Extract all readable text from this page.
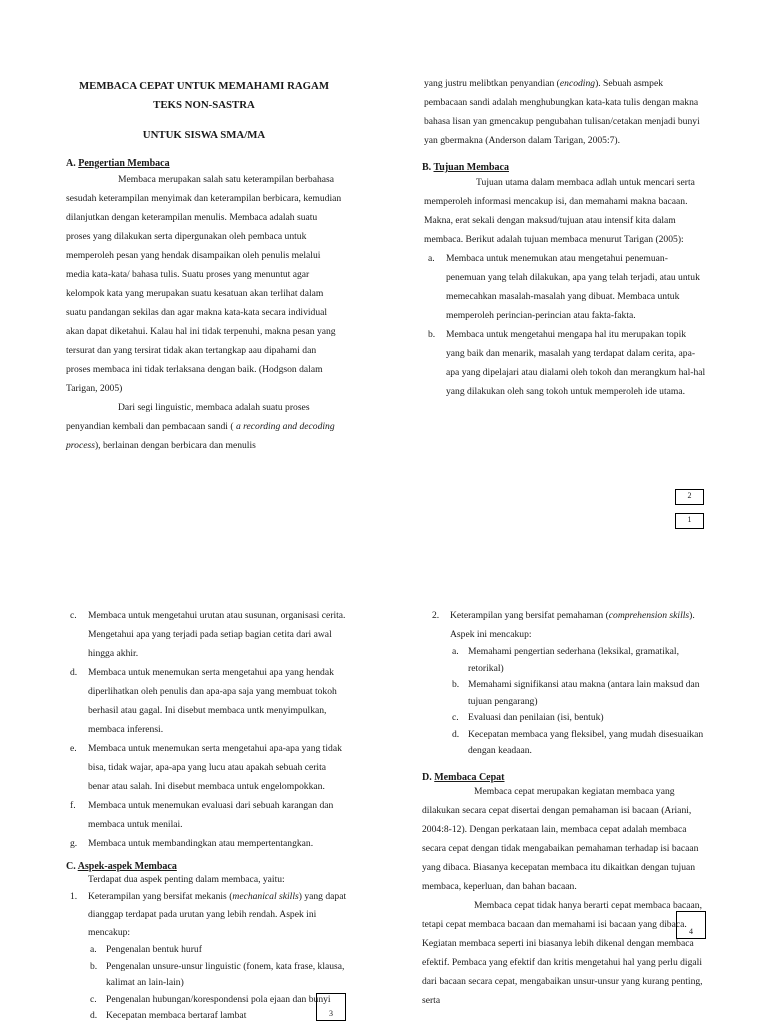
MEMBACA CEPAT UNTUK MEMAHAMI RAGAM
TEKS NON-SASTRA
UNTUK SISWA SMA/MA
A. Pengertian Membaca

Membaca merupakan salah satu keterampilan berbahasa sesudah keterampilan menyimak dan keterampilan berbicara, kemudian dilanjutkan dengan keterampilan menulis. Membaca adalah suatu proses yang dilakukan serta dipergunakan oleh pembaca untuk memperoleh pesan yang hendak disampaikan oleh penulis melalui media kata-kata/ bahasa tulis. Suatu proses yang menuntut agar kelompok kata yang merupakan suatu kesatuan akan terlihat dalam suatu pandangan sekilas dan agar makna kata-kata secara individual akan dapat diketahui. Kalau hal ini tidak terpenuhi, makna pesan yang tersurat dan yang tersirat tidak akan tertangkap aau dipahami dan proses membaca ini tidak terlaksana dengan baik. (Hodgson dalam Tarigan, 2005)

Dari segi linguistic, membaca adalah suatu proses penyandian kembali dan pembacaan sandi ( a recording and decoding process), berlainan dengan berbicara dan menulis

yang justru melibtkan penyandian (encoding). Sebuah asmpek pembacaan sandi adalah menghubungkan kata-kata tulis dengan makna bahasa lisan yan gmencakup pengubahan tulisan/cetakan menjadi bunyi yan gbermakna (Anderson dalam Tarigan, 2005:7).

B. Tujuan Membaca

Tujuan utama dalam membaca adlah untuk mencari serta memperoleh informasi mencakup isi, dan memahami makna bacaan. Makna, erat sekali dengan maksud/tujuan atau intensif kita dalam membaca. Berikut adalah tujuan membaca menurut Tarigan (2005):

a. Membaca untuk menemukan atau mengetahui penemuan-penemuan yang telah dilakukan, apa yang telah terjadi, atau untuk memecahkan masalah-masalah yang dibuat. Membaca untuk memperoleh perincian-perincian atau fakta-fakta.
b. Membaca untuk mengetahui mengapa hal itu merupakan topik yang baik dan menarik, masalah yang terdapat dalam cerita, apa-apa yang dipelajari atau dialami oleh tokoh dan merangkum hal-hal yang dilakukan oleh sang tokoh untuk memperoleh ide utama.
2
1
c. Membaca untuk mengetahui urutan atau susunan, organisasi cerita. Mengetahui apa yang terjadi pada setiap bagian cetita dari awal hingga akhir.
d. Membaca untuk menemukan serta mengetahui apa yang hendak diperlihatkan oleh penulis dan apa-apa saja yang membuat tokoh berhasil atau gagal. Ini disebut membaca untk menyimpulkan, membaca inferensi.
e. Membaca untuk menemukan serta mengetahui apa-apa yang tidak bisa, tidak wajar, apa-apa yang lucu atau apakah sebuah cerita benar atau salah. Ini disebut membaca untuk engelompokkan.
f. Membaca untuk menemukan evaluasi dari sebuah karangan dan membaca untuk menilai.
g. Membaca untuk membandingkan atau mempertentangkan.
C. Aspek-aspek Membaca

Terdapat dua aspek penting dalam membaca, yaitu:

1. Keterampilan yang bersifat mekanis (mechanical skills) yang dapat dianggap terdapat pada urutan yang lebih rendah. Aspek ini mencakup:
a. Pengenalan bentuk huruf
b. Pengenalan unsure-unsur linguistic (fonem, kata frase, klausa, kalimat an lain-lain)
c. Pengenalan hubungan/korespondensi pola ejaan dan bunyi
d. Kecepatan membaca bertaraf lambat	3
2. Keterampilan yang bersifat pemahaman (comprehension skills). Aspek ini mencakup:
a. Memahami pengertian sederhana (leksikal, gramatikal, retorikal)
b. Memahami signifikansi atau makna (antara lain maksud dan tujuan pengarang)
c. Evaluasi dan penilaian (isi, bentuk)
d. Kecepatan membaca yang fleksibel, yang mudah disesuaikan dengan keadaan.
D. Membaca Cepat

Membaca cepat merupakan kegiatan membaca yang dilakukan secara cepat disertai dengan pemahaman isi bacaan (Ariani, 2004:8-12). Dengan perkataan lain, membaca cepat adalah membaca secara cepat dengan tidak mengabaikan pemahaman terhadap isi bacaan yang dibaca. Biasanya kecepatan membaca itu dikaitkan dengan tujuan membaca, keperluan, dan bahan bacaan.

Membaca cepat tidak hanya berarti cepat membaca bacaan, tetapi cepat membaca bacaan dan memahami isi bacaan yang dibaca. Kegiatan membaca seperti ini biasanya lebih dikenal dengan membaca efektif. Pembaca yang efektif dan kritis mengetahui hal yang perlu digali dari bacaan secara cepat, mengabaikan unsur-unsur yang kurang penting, serta

4
